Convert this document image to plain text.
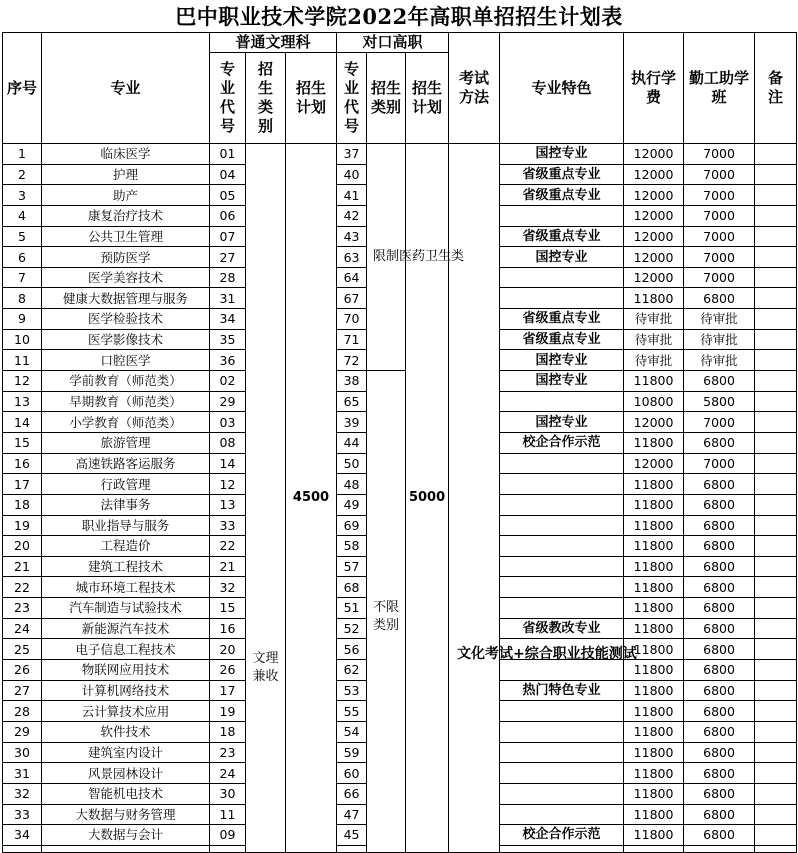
巴中职业技术学院2022年高职单招招生计划表
序号	专业	普通文理科			对口高职			考试方法	专业特色	执行学费	勤工助学班	备注
		专业代号	招生类别	招生计划	专业代号	招生类别	招生计划					
1	临床医学	01	文理兼收	4500	37	限制医药卫生类	5000	文化考试+综合职业技能测试	国控专业	12000	7000	
2	护理	04			40				省级重点专业	12000	7000	
3	助产	05			41				省级重点专业	12000	7000	
4	康复治疗技术	06			42					12000	7000	
5	公共卫生管理	07			43				省级重点专业	12000	7000	
6	预防医学	27			63				国控专业	12000	7000	
7	医学美容技术	28			64					12000	7000	
8	健康大数据管理与服务	31			67					11800	6800	
9	医学检验技术	34			70				省级重点专业	待审批	待审批	
10	医学影像技术	35			71				省级重点专业	待审批	待审批	
11	口腔医学	36			72				国控专业	待审批	待审批	
12	学前教育（师范类）	02			38	不限类别			国控专业	11800	6800	
13	早期教育（师范类）	29			65					10800	5800	
14	小学教育（师范类）	03			39				国控专业	12000	7000	
15	旅游管理	08			44				校企合作示范	11800	6800	
16	高速铁路客运服务	14			50					12000	7000	
17	行政管理	12			48					11800	6800	
18	法律事务	13			49					11800	6800	
19	职业指导与服务	33			69					11800	6800	
20	工程造价	22			58					11800	6800	
21	建筑工程技术	21			57					11800	6800	
22	城市环境工程技术	32			68					11800	6800	
23	汽车制造与试验技术	15			51					11800	6800	
24	新能源汽车技术	16			52				省级教改专业	11800	6800	
25	电子信息工程技术	20			56					11800	6800	
26	物联网应用技术	26			62					11800	6800	
27	计算机网络技术	17			53				热门特色专业	11800	6800	
28	云计算技术应用	19			55					11800	6800	
29	软件技术	18			54					11800	6800	
30	建筑室内设计	23			59					11800	6800	
31	风景园林设计	24			60					11800	6800	
32	智能机电技术	30			66					11800	6800	
33	大数据与财务管理	11			47					11800	6800	
34	大数据与会计	09			45				校企合作示范	11800	6800	
